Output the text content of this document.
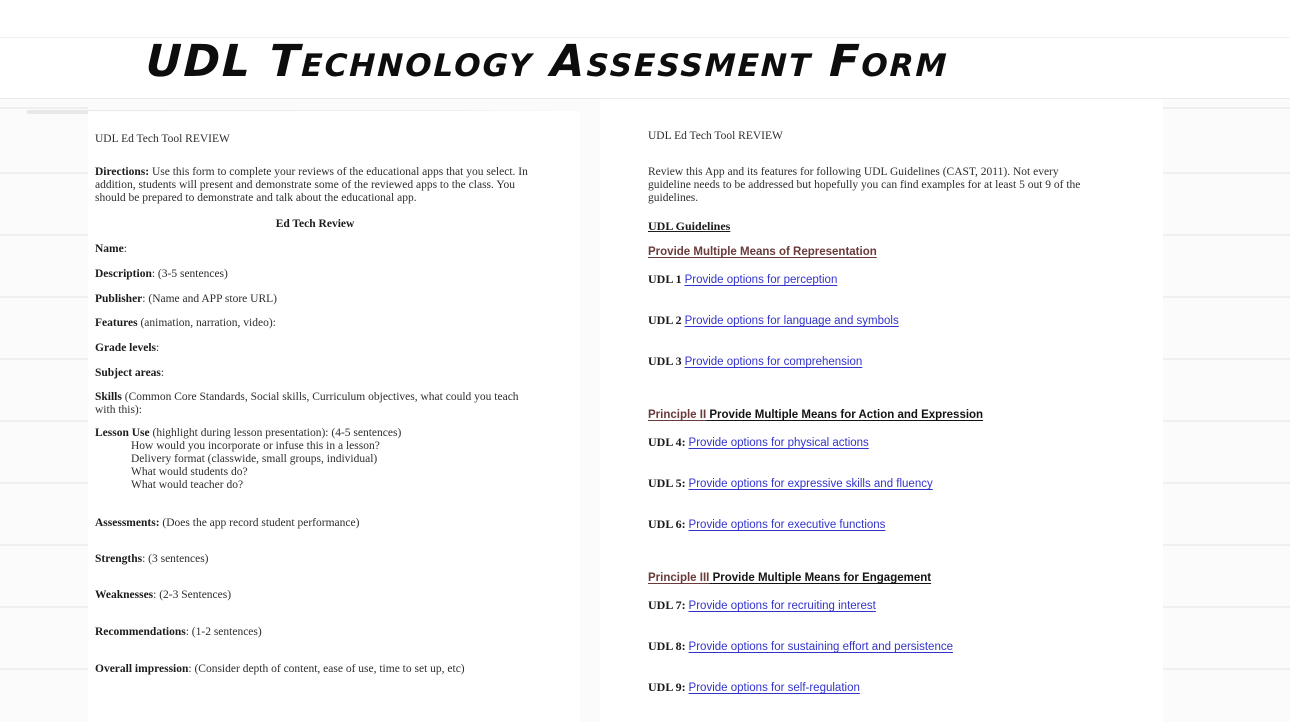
UDL Technology Assessment Form
UDL Ed Tech Tool REVIEW
Directions: Use this form to complete your reviews of the educational apps that you select. In addition, students will present and demonstrate some of the reviewed apps to the class. You should be prepared to demonstrate and talk about the educational app.
Ed Tech Review
Name:
Description: (3-5 sentences)
Publisher: (Name and APP store URL)
Features (animation, narration, video):
Grade levels:
Subject areas:
Skills (Common Core Standards, Social skills, Curriculum objectives, what could you teach with this):
Lesson Use (highlight during lesson presentation): (4-5 sentences)
How would you incorporate or infuse this in a lesson?
Delivery format (classwide, small groups, individual)
What would students do?
What would teacher do?
Assessments: (Does the app record student performance)
Strengths: (3 sentences)
Weaknesses: (2-3 Sentences)
Recommendations: (1-2 sentences)
Overall impression: (Consider depth of content, ease of use, time to set up, etc)
UDL Ed Tech Tool REVIEW
Review this App and its features for following UDL Guidelines (CAST, 2011). Not every guideline needs to be addressed but hopefully you can find examples for at least 5 out 9 of the guidelines.
UDL Guidelines
Provide Multiple Means of Representation
UDL 1 Provide options for perception
UDL 2 Provide options for language and symbols
UDL 3 Provide options for comprehension
Principle II Provide Multiple Means for Action and Expression
UDL 4: Provide options for physical actions
UDL 5: Provide options for expressive skills and fluency
UDL 6: Provide options for executive functions
Principle III Provide Multiple Means for Engagement
UDL 7: Provide options for recruiting interest
UDL 8: Provide options for sustaining effort and persistence
UDL 9: Provide options for self-regulation
